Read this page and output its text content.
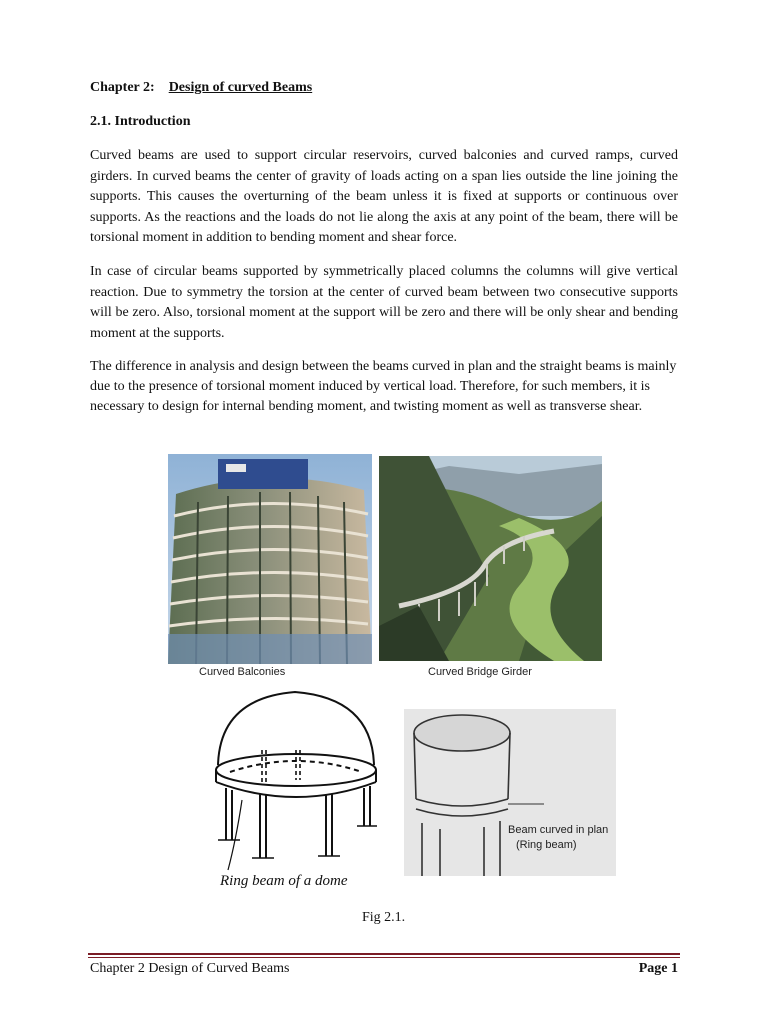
Chapter 2: Design of curved Beams
2.1. Introduction

Curved beams are used to support circular reservoirs, curved balconies and curved ramps, curved girders. In curved beams the center of gravity of loads acting on a span lies outside the line joining the supports. This causes the overturning of the beam unless it is fixed at supports or continuous over supports. As the reactions and the loads do not lie along the axis at any point of the beam, there will be torsional moment in addition to bending moment and shear force.

In case of circular beams supported by symmetrically placed columns the columns will give vertical reaction. Due to symmetry the torsion at the center of curved beam between two consecutive supports will be zero. Also, torsional moment at the support will be zero and there will be only shear and bending moment at the supports.

The difference in analysis and design between the beams curved in plan and the straight beams is mainly due to the presence of torsional moment induced by vertical load. Therefore, for such members, it is necessary to design for internal bending moment, and twisting moment as well as transverse shear.

Curved Balconies	Curved Bridge Girder
Ring beam of a dome
Beam curved in plan
(Ring beam)
Fig 2.1.
Chapter 2 Design of Curved Beams	Page 1
